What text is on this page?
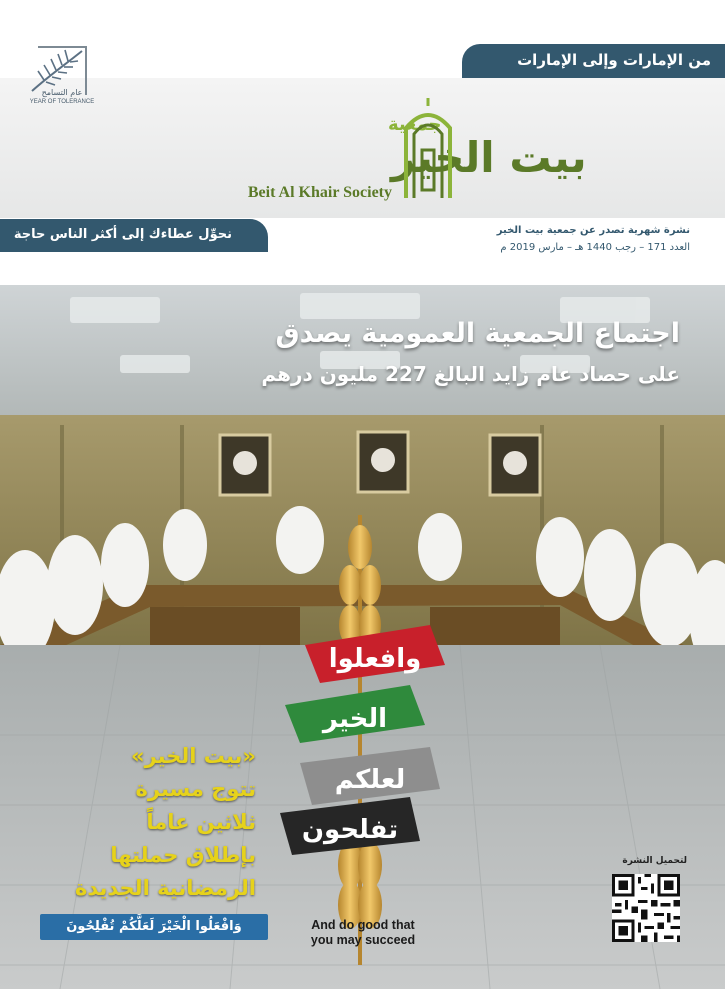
عام التسامح
YEAR OF TOLERANCE
من الإمارات وإلى الإمارات
جمعية
بيت الخير
Beit Al Khair Society
نحوِّل عطاءك إلى أكثر الناس حاجة	نشرة شهرية تصدر عن جمعية بيت الخير
العدد 171 – رجب 1440 هـ – مارس 2019 م
وافعلوا
الخير
لعلكم
تفلحون
اجتماع الجمعية العمومية يصدق
على حصاد عام زايد البالغ 227 مليون درهم
«بيت الخير»
تتوج مسيرة
ثلاثين عاماً
بإطلاق حملتها
الرمضانية الجديدة
وَافْعَلُوا الْخَيْرَ لَعَلَّكُمْ تُفْلِحُونَ	And do good that
you may succeed
لتحميل النشرة
